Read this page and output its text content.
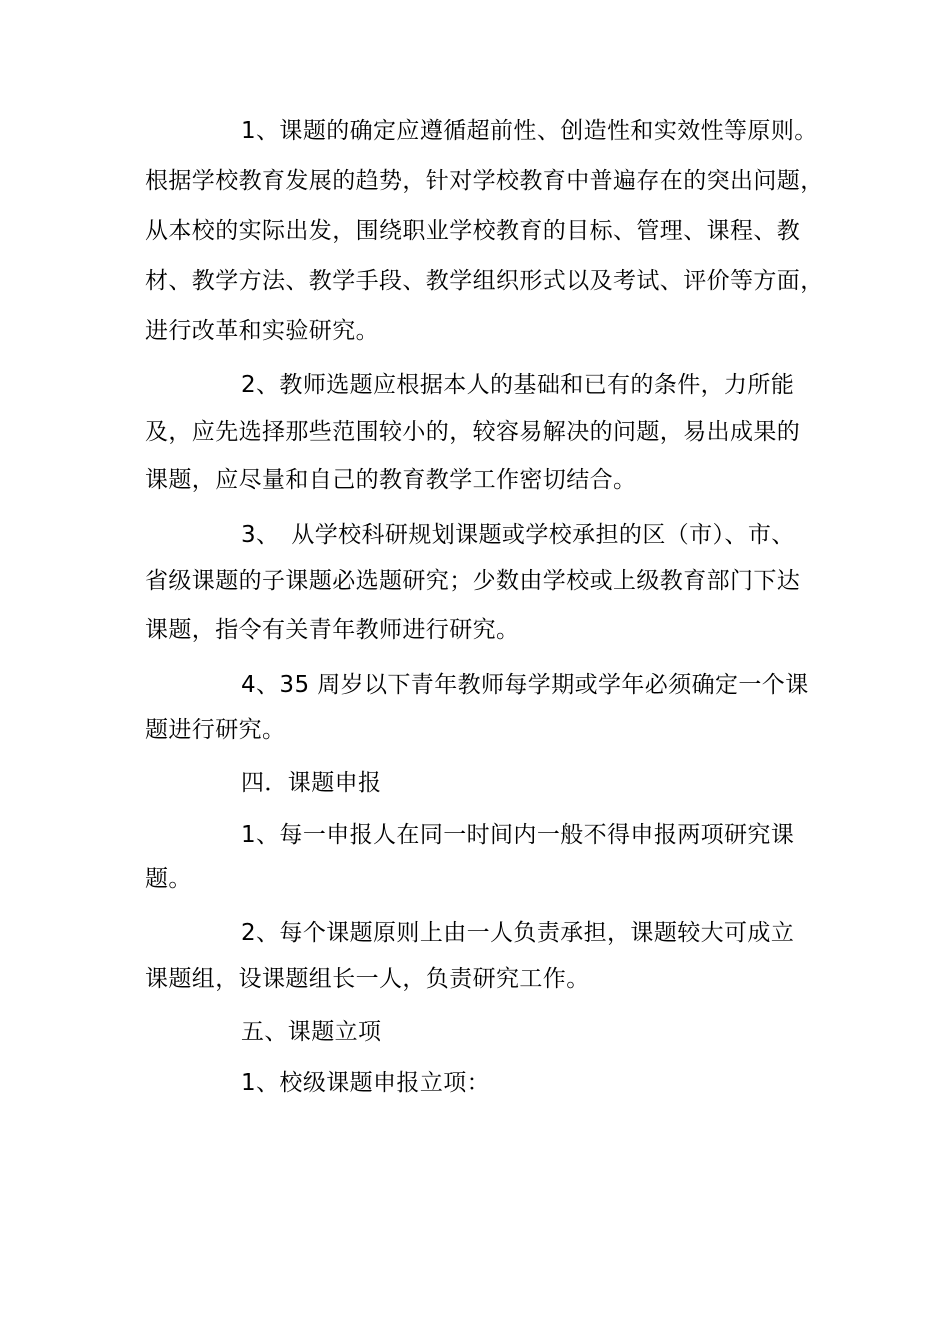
1、课题的确定应遵循超前性、创造性和实效性等原则。
根据学校教育发展的趋势，针对学校教育中普遍存在的突出问题，
从本校的实际出发，围绕职业学校教育的目标、管理、课程、教
材、教学方法、教学手段、教学组织形式以及考试、评价等方面，
进行改革和实验研究。
2、教师选题应根据本人的基础和已有的条件，力所能
及，应先选择那些范围较小的，较容易解决的问题，易出成果的
课题，应尽量和自己的教育教学工作密切结合。
3、　从学校科研规划课题或学校承担的区（市）、市、
省级课题的子课题必选题研究；少数由学校或上级教育部门下达
课题，指令有关青年教师进行研究。
4、35 周岁以下青年教师每学期或学年必须确定一个课
题进行研究。
四．课题申报
1、每一申报人在同一时间内一般不得申报两项研究课
题。
2、每个课题原则上由一人负责承担，课题较大可成立
课题组，设课题组长一人，负责研究工作。
五、课题立项
1、校级课题申报立项：
